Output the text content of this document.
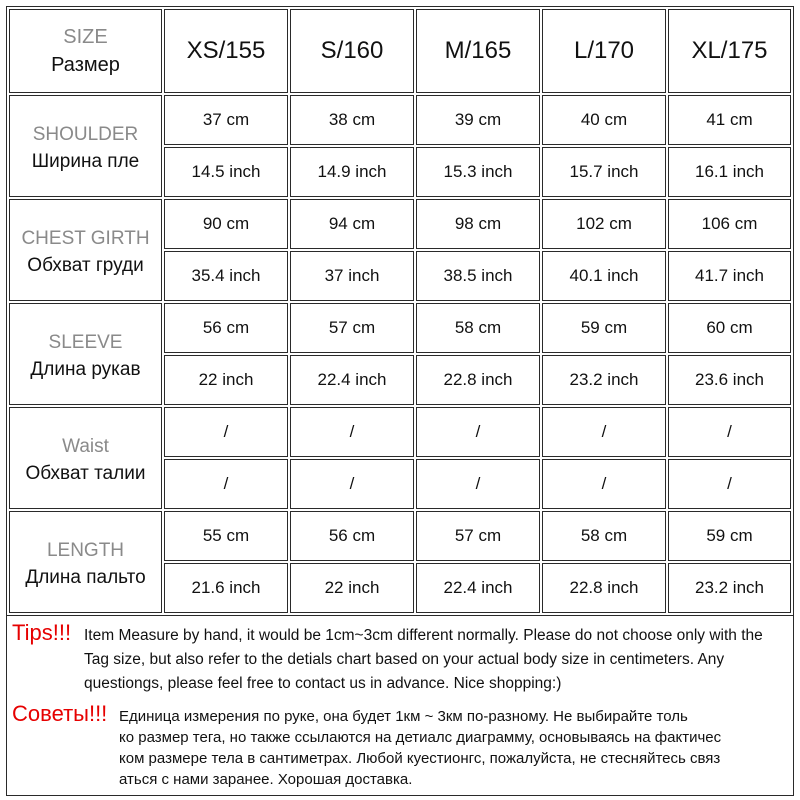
SIZE
Размер	XS/155	S/160	M/165	L/170	XL/175

SHOULDER
Ширина пле	37 cm	38 cm	39 cm	40 cm	41 cm
	14.5 inch	14.9 inch	15.3 inch	15.7 inch	16.1 inch

CHEST GIRTH
Обхват груди	90 cm	94 cm	98 cm	102 cm	106 cm
	35.4 inch	37 inch	38.5 inch	40.1 inch	41.7 inch

SLEEVE
Длина рукав	56 cm	57 cm	58 cm	59 cm	60 cm
	22 inch	22.4 inch	22.8 inch	23.2 inch	23.6 inch

Waist
Обхват талии	/	/	/	/	/
	/	/	/	/	/

LENGTH
Длина пальто	55 cm	56 cm	57 cm	58 cm	59 cm
	21.6 inch	22 inch	22.4 inch	22.8 inch	23.2 inch
Tips!!! Item Measure by hand, it would be 1cm~3cm different normally. Please do not choose only with the
Tag size, but also refer to the detials chart based on your actual body size in centimeters. Any
questiongs, please feel free to contact us in advance. Nice shopping:)
Советы!!! Единица измерения по руке, она будет 1км ~ 3км по-разному. Не выбирайте толь
ко размер тега, но также ссылаются на детиалс диаграмму, основываясь на фактичес
ком размере тела в сантиметрах. Любой куестионгс, пожалуйста, не стесняйтесь связ
аться с нами заранее. Хорошая доставка.
